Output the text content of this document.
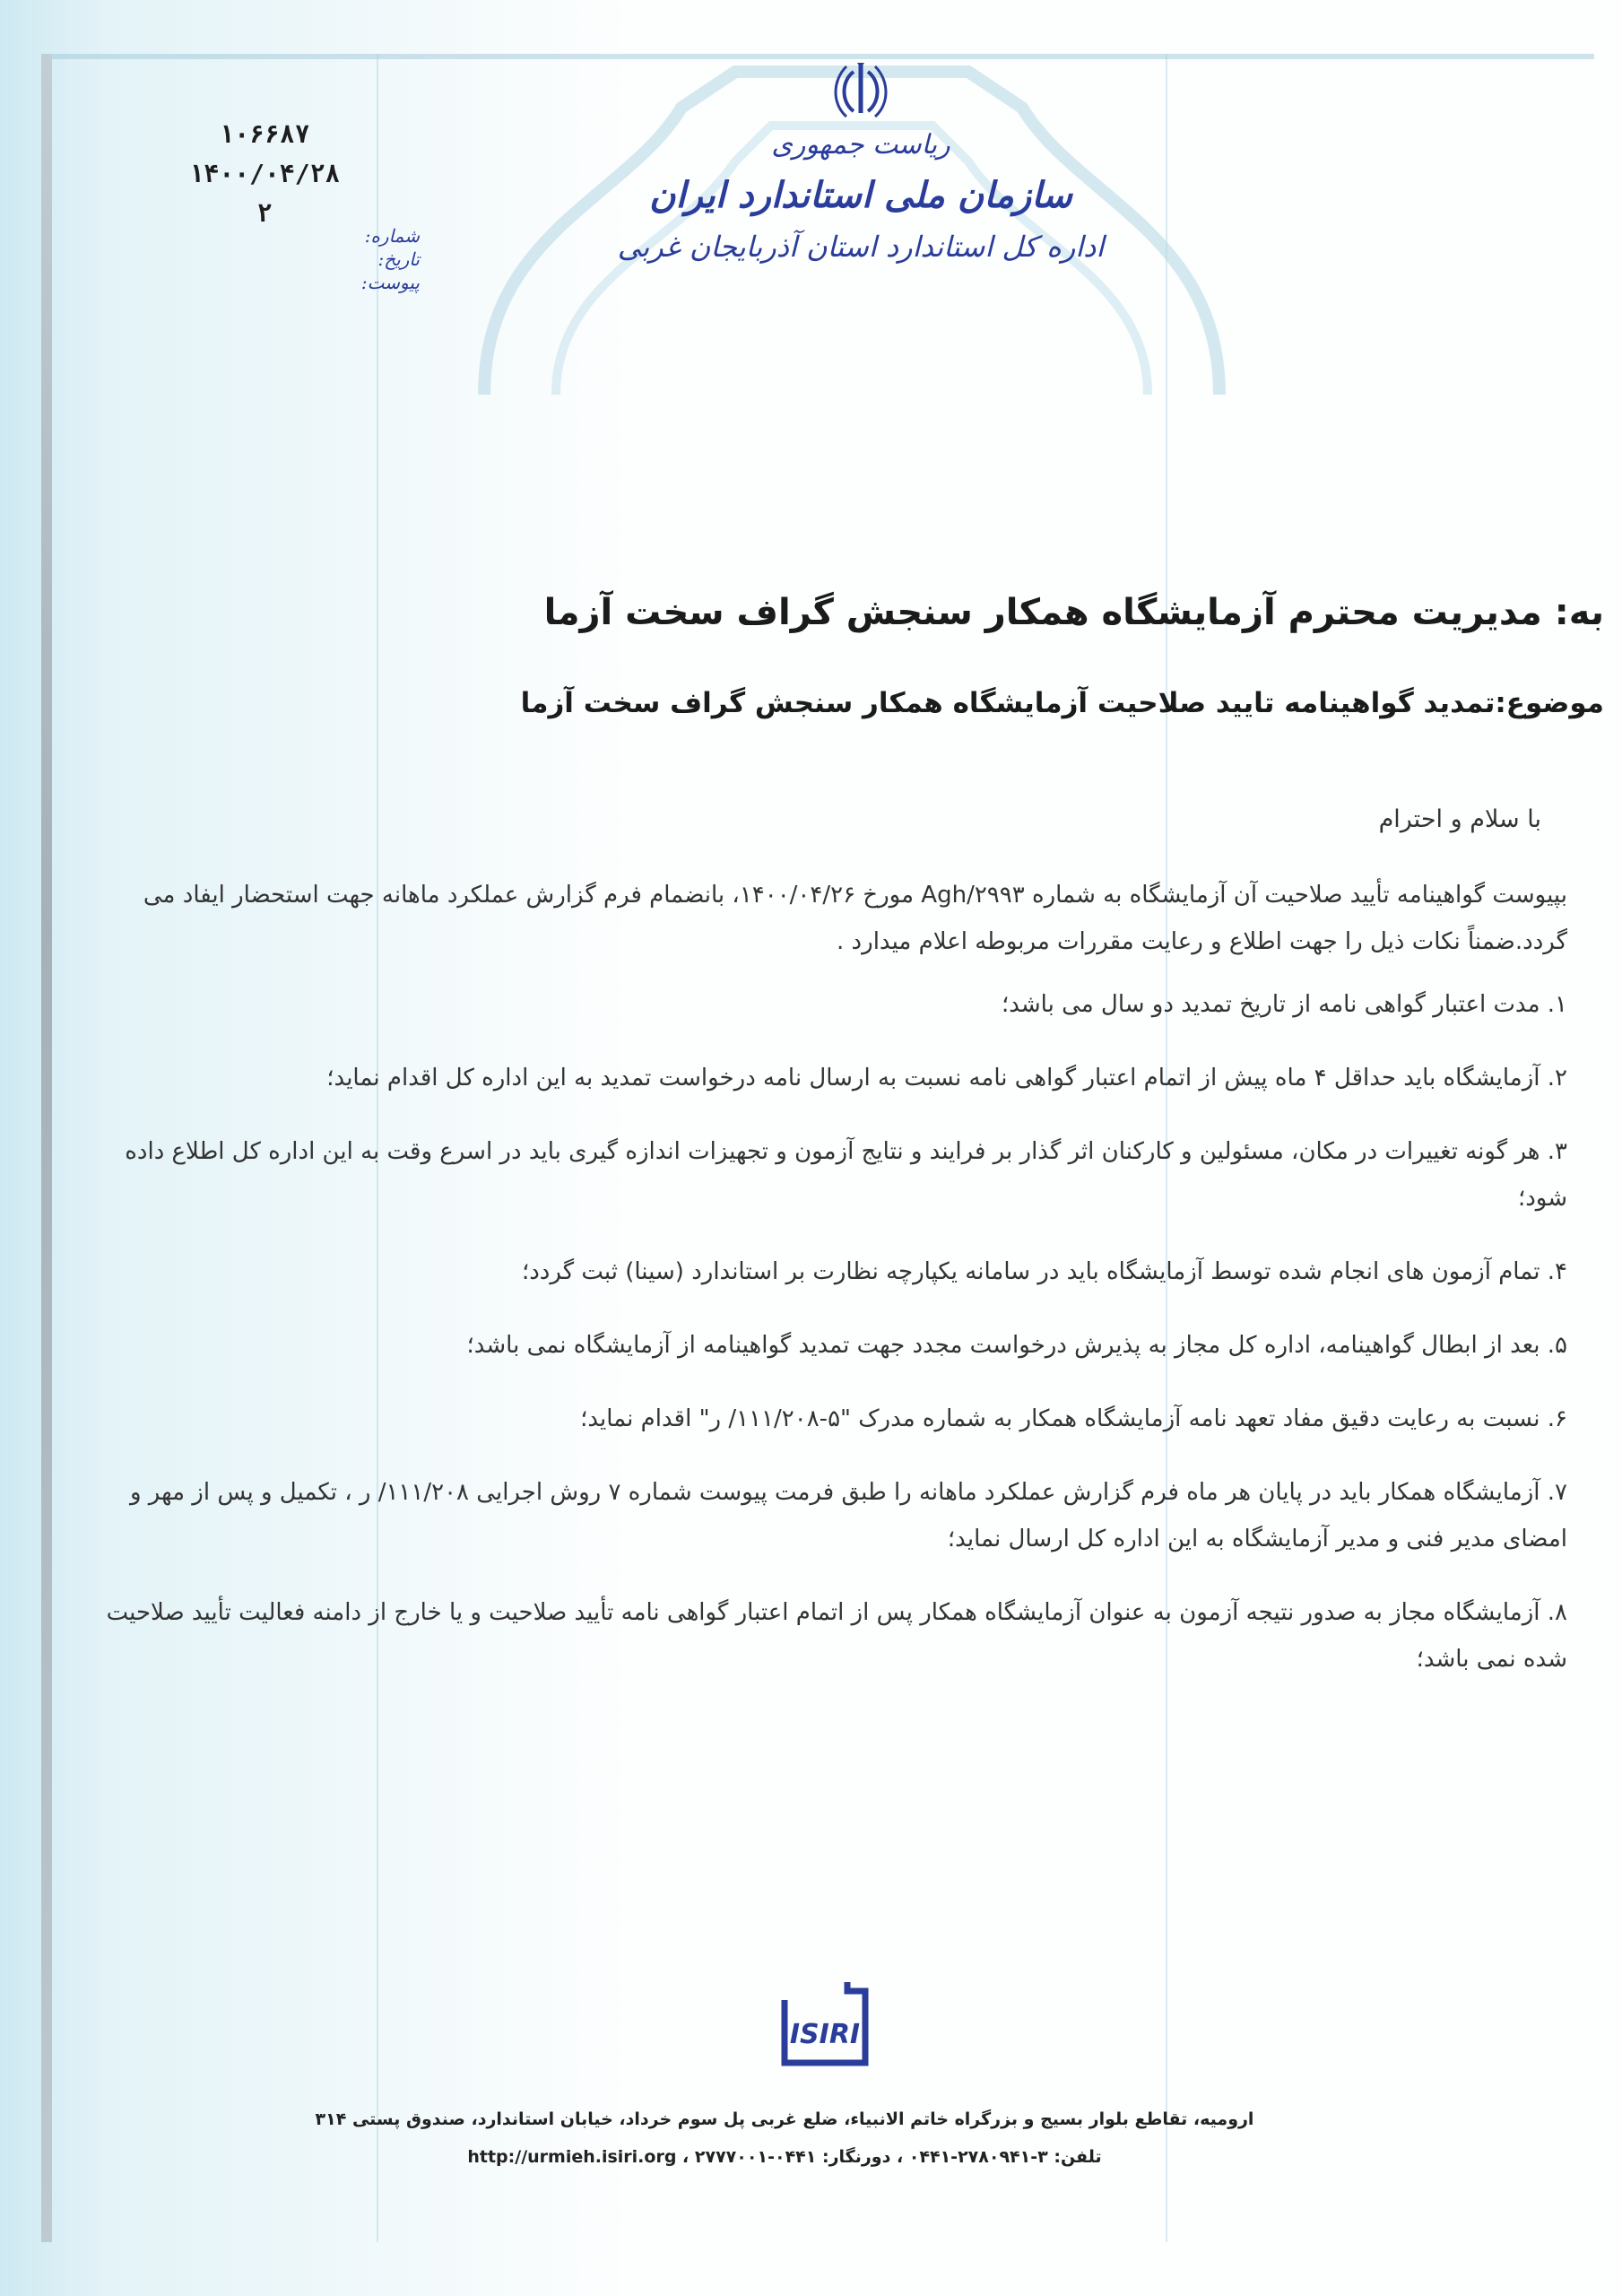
ریاست جمهوری
سازمان ملی استاندارد ایران
اداره کل استاندارد استان آذربایجان غربی
۱۰۶۶۸۷
۱۴۰۰/۰۴/۲۸
۲
شماره:
تاریخ:
پیوست:
به: مدیریت محترم آزمایشگاه همکار سنجش گراف سخت آزما
موضوع:تمدید گواهینامه تایید صلاحیت آزمایشگاه همکار سنجش گراف سخت آزما
با سلام و احترام

بپیوست گواهینامه تأیید صلاحیت آن آزمایشگاه به شماره Agh/۲۹۹۳ مورخ ۱۴۰۰/۰۴/۲۶، بانضمام فرم گزارش عملکرد ماهانه جهت استحضار ایفاد می گردد.ضمناً نکات ذیل را جهت اطلاع و رعایت مقررات مربوطه اعلام میدارد .

۱. مدت اعتبار گواهی نامه از تاریخ تمدید دو سال می باشد؛

۲. آزمایشگاه باید حداقل ۴ ماه پیش از اتمام اعتبار گواهی نامه نسبت به ارسال نامه درخواست تمدید به این اداره کل اقدام نماید؛

۳. هر گونه تغییرات در مکان، مسئولین و کارکنان اثر گذار بر فرایند و نتایج آزمون و تجهیزات اندازه گیری باید در اسرع وقت به این اداره کل اطلاع داده شود؛

۴. تمام آزمون های انجام شده توسط آزمایشگاه باید در سامانه یکپارچه نظارت بر استاندارد (سینا) ثبت گردد؛

۵. بعد از ابطال گواهینامه، اداره کل مجاز به پذیرش درخواست مجدد جهت تمدید گواهینامه از آزمایشگاه نمی باشد؛

۶. نسبت به رعایت دقیق مفاد تعهد نامه آزمایشگاه همکار به شماره مدرک "۵-۱۱۱/۲۰۸/ ر" اقدام نماید؛

۷. آزمایشگاه همکار باید در پایان هر ماه فرم گزارش عملکرد ماهانه را طبق فرمت پیوست شماره ۷ روش اجرایی ۱۱۱/۲۰۸/ ر ، تکمیل و پس از مهر و امضای مدیر فنی و مدیر آزمایشگاه به این اداره کل ارسال نماید؛

۸. آزمایشگاه مجاز به صدور نتیجه آزمون به عنوان آزمایشگاه همکار پس از اتمام اعتبار گواهی نامه تأیید صلاحیت و یا خارج از دامنه فعالیت تأیید صلاحیت شده نمی باشد؛

ISIRI
ارومیه، تقاطع بلوار بسیج و بزرگراه خاتم الانبیاء، ضلع غربی پل سوم خرداد، خیابان استاندارد، صندوق پستی ۳۱۴
تلفن: ۳-۲۷۸۰۹۴۱-۰۴۴۱ ، دورنگار: ۰۴۴۱-۲۷۷۷۰۰۱ ، http://urmieh.isiri.org
